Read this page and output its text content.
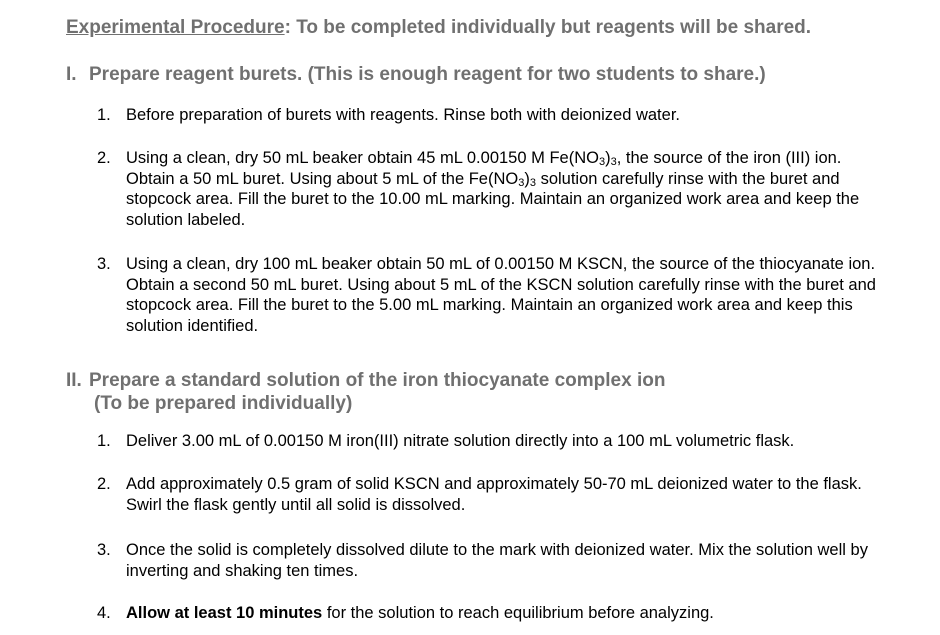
Experimental Procedure: To be completed individually but reagents will be shared.
I. Prepare reagent burets. (This is enough reagent for two students to share.)
1. Before preparation of burets with reagents. Rinse both with deionized water.
2. Using a clean, dry 50 mL beaker obtain 45 mL 0.00150 M $Fe(NO_3)_3$, the source of the iron (III) ion. Obtain a 50 mL buret. Using about 5 mL of the $Fe(NO_3)_3$ solution carefully rinse with the buret and stopcock area. Fill the buret to the 10.00 mL marking. Maintain an organized work area and keep the solution labeled.
3. Using a clean, dry 100 mL beaker obtain 50 mL of 0.00150 M KSCN, the source of the thiocyanate ion. Obtain a second 50 mL buret. Using about 5 mL of the KSCN solution carefully rinse with the buret and stopcock area. Fill the buret to the 5.00 mL marking. Maintain an organized work area and keep this solution identified.
II. Prepare a standard solution of the iron thiocyanate complex ion
(To be prepared individually)
1. Deliver 3.00 mL of 0.00150 M iron(III) nitrate solution directly into a 100 mL volumetric flask.
2. Add approximately 0.5 gram of solid KSCN and approximately 50-70 mL deionized water to the flask. Swirl the flask gently until all solid is dissolved.
3. Once the solid is completely dissolved dilute to the mark with deionized water. Mix the solution well by inverting and shaking ten times.
4. Allow at least 10 minutes for the solution to reach equilibrium before analyzing.
